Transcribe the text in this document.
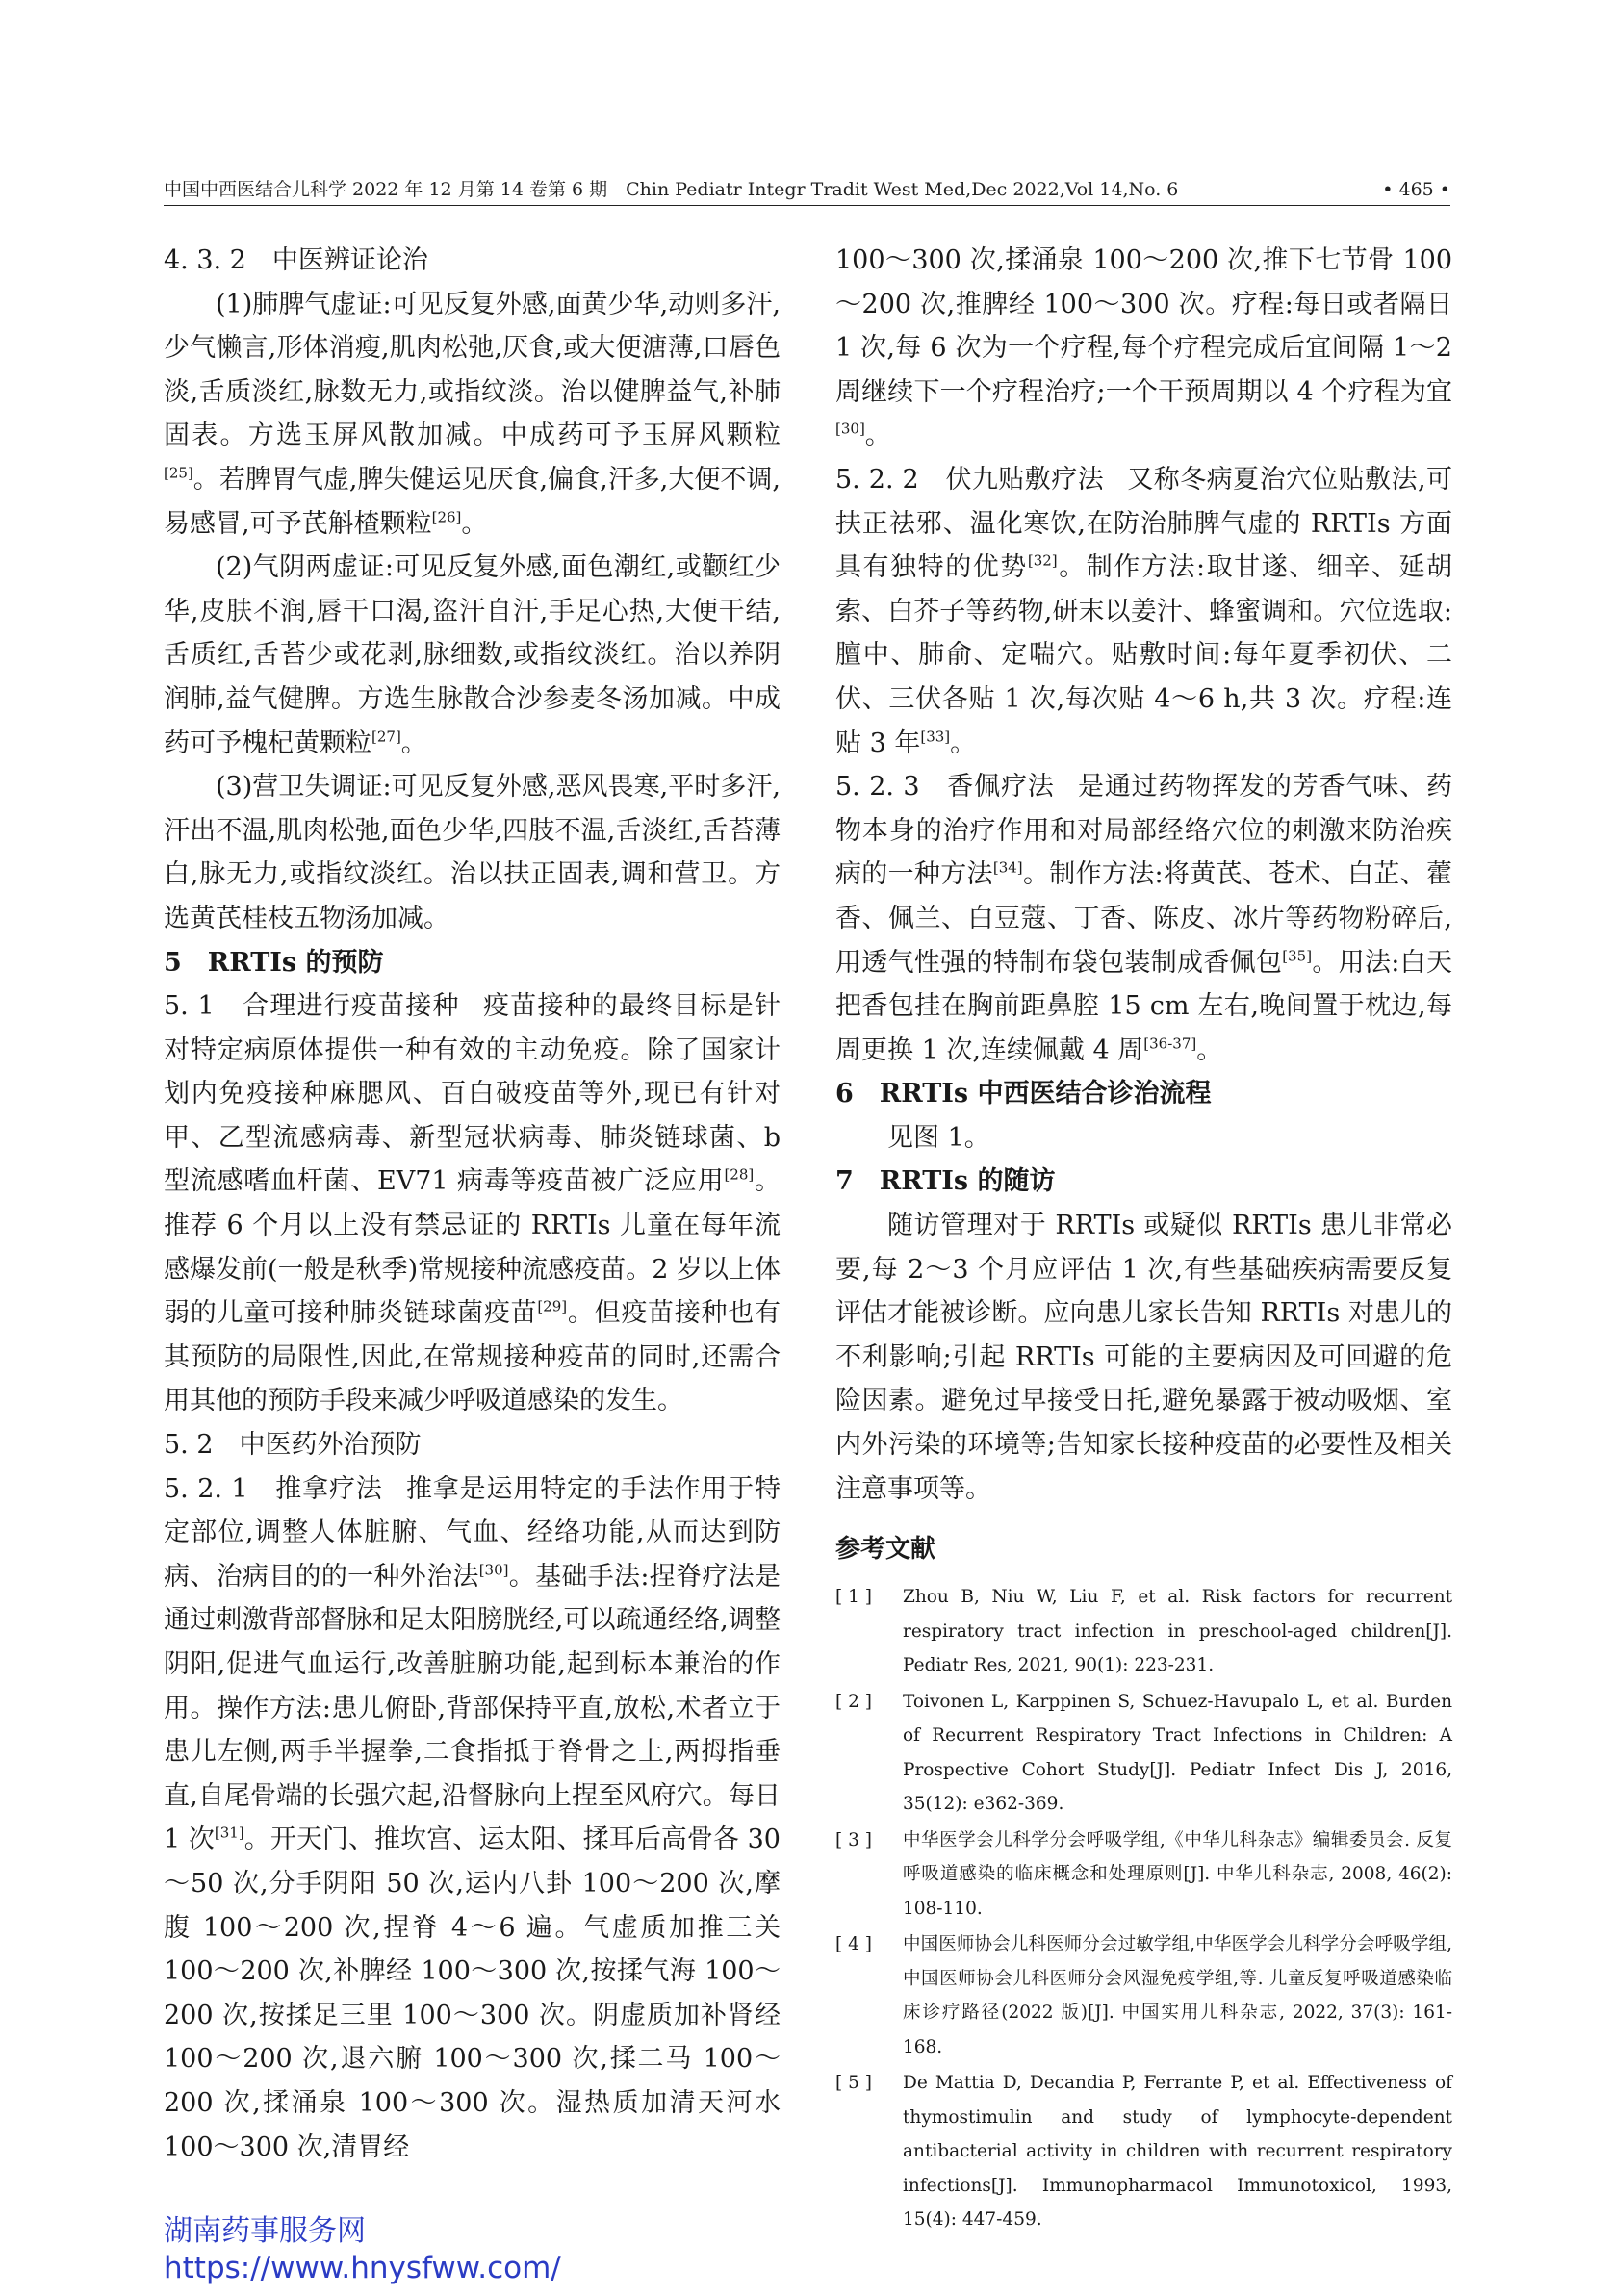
中国中西医结合儿科学 2022 年 12 月第 14 卷第 6 期　Chin Pediatr Integr Tradit West Med,Dec 2022,Vol 14,No. 6	• 465 •

4. 3. 2　中医辨证论治

(1)肺脾气虚证:可见反复外感,面黄少华,动则多汗,少气懒言,形体消瘦,肌肉松弛,厌食,或大便溏薄,口唇色淡,舌质淡红,脉数无力,或指纹淡。治以健脾益气,补肺固表。方选玉屏风散加减。中成药可予玉屏风颗粒[25]。若脾胃气虚,脾失健运见厌食,偏食,汗多,大便不调,易感冒,可予芪斛楂颗粒[26]。

(2)气阴两虚证:可见反复外感,面色潮红,或颧红少华,皮肤不润,唇干口渴,盗汗自汗,手足心热,大便干结,舌质红,舌苔少或花剥,脉细数,或指纹淡红。治以养阴润肺,益气健脾。方选生脉散合沙参麦冬汤加减。中成药可予槐杞黄颗粒[27]。

(3)营卫失调证:可见反复外感,恶风畏寒,平时多汗,汗出不温,肌肉松弛,面色少华,四肢不温,舌淡红,舌苔薄白,脉无力,或指纹淡红。治以扶正固表,调和营卫。方选黄芪桂枝五物汤加减。

5　RRTIs 的预防

5. 1　合理进行疫苗接种 疫苗接种的最终目标是针对特定病原体提供一种有效的主动免疫。除了国家计划内免疫接种麻腮风、百白破疫苗等外,现已有针对甲、乙型流感病毒、新型冠状病毒、肺炎链球菌、b 型流感嗜血杆菌、EV71 病毒等疫苗被广泛应用[28]。推荐 6 个月以上没有禁忌证的 RRTIs 儿童在每年流感爆发前(一般是秋季)常规接种流感疫苗。2 岁以上体弱的儿童可接种肺炎链球菌疫苗[29]。但疫苗接种也有其预防的局限性,因此,在常规接种疫苗的同时,还需合用其他的预防手段来减少呼吸道感染的发生。

5. 2　中医药外治预防

5. 2. 1　推拿疗法 推拿是运用特定的手法作用于特定部位,调整人体脏腑、气血、经络功能,从而达到防病、治病目的的一种外治法[30]。基础手法:捏脊疗法是通过刺激背部督脉和足太阳膀胱经,可以疏通经络,调整阴阳,促进气血运行,改善脏腑功能,起到标本兼治的作用。操作方法:患儿俯卧,背部保持平直,放松,术者立于患儿左侧,两手半握拳,二食指抵于脊骨之上,两拇指垂直,自尾骨端的长强穴起,沿督脉向上捏至风府穴。每日 1 次[31]。开天门、推坎宫、运太阳、揉耳后高骨各 30～50 次,分手阴阳 50 次,运内八卦 100～200 次,摩腹 100～200 次,捏脊 4～6 遍。气虚质加推三关 100～200 次,补脾经 100～300 次,按揉气海 100～200 次,按揉足三里 100～300 次。阴虚质加补肾经 100～200 次,退六腑 100～300 次,揉二马 100～200 次,揉涌泉 100～300 次。湿热质加清天河水 100～300 次,清胃经

100～300 次,揉涌泉 100～200 次,推下七节骨 100～200 次,推脾经 100～300 次。疗程:每日或者隔日 1 次,每 6 次为一个疗程,每个疗程完成后宜间隔 1～2 周继续下一个疗程治疗;一个干预周期以 4 个疗程为宜[30]。

5. 2. 2　伏九贴敷疗法 又称冬病夏治穴位贴敷法,可扶正祛邪、温化寒饮,在防治肺脾气虚的 RRTIs 方面具有独特的优势[32]。制作方法:取甘遂、细辛、延胡索、白芥子等药物,研末以姜汁、蜂蜜调和。穴位选取:膻中、肺俞、定喘穴。贴敷时间:每年夏季初伏、二伏、三伏各贴 1 次,每次贴 4～6 h,共 3 次。疗程:连贴 3 年[33]。

5. 2. 3　香佩疗法 是通过药物挥发的芳香气味、药物本身的治疗作用和对局部经络穴位的刺激来防治疾病的一种方法[34]。制作方法:将黄芪、苍术、白芷、藿香、佩兰、白豆蔻、丁香、陈皮、冰片等药物粉碎后,用透气性强的特制布袋包装制成香佩包[35]。用法:白天把香包挂在胸前距鼻腔 15 cm 左右,晚间置于枕边,每周更换 1 次,连续佩戴 4 周[36-37]。

6　RRTIs 中西医结合诊治流程

见图 1。

7　RRTIs 的随访

随访管理对于 RRTIs 或疑似 RRTIs 患儿非常必要,每 2～3 个月应评估 1 次,有些基础疾病需要反复评估才能被诊断。应向患儿家长告知 RRTIs 对患儿的不利影响;引起 RRTIs 可能的主要病因及可回避的危险因素。避免过早接受日托,避免暴露于被动吸烟、室内外污染的环境等;告知家长接种疫苗的必要性及相关注意事项等。

参考文献

[ 1 ] Zhou B, Niu W, Liu F, et al. Risk factors for recurrent respiratory tract infection in preschool-aged children[J]. Pediatr Res, 2021, 90(1): 223-231.

[ 2 ] Toivonen L, Karppinen S, Schuez-Havupalo L, et al. Burden of Recurrent Respiratory Tract Infections in Children: A Prospective Cohort Study[J]. Pediatr Infect Dis J, 2016, 35(12): e362-369.

[ 3 ] 中华医学会儿科学分会呼吸学组,《中华儿科杂志》编辑委员会. 反复呼吸道感染的临床概念和处理原则[J]. 中华儿科杂志, 2008, 46(2): 108-110.

[ 4 ] 中国医师协会儿科医师分会过敏学组,中华医学会儿科学分会呼吸学组,中国医师协会儿科医师分会风湿免疫学组,等. 儿童反复呼吸道感染临床诊疗路径(2022 版)[J]. 中国实用儿科杂志, 2022, 37(3): 161-168.

[ 5 ] De Mattia D, Decandia P, Ferrante P, et al. Effectiveness of thymostimulin and study of lymphocyte-dependent antibacterial activity in children with recurrent respiratory infections[J]. Immunopharmacol Immunotoxicol, 1993, 15(4): 447-459.

湖南药事服务网
https://www.hnysfww.com/
